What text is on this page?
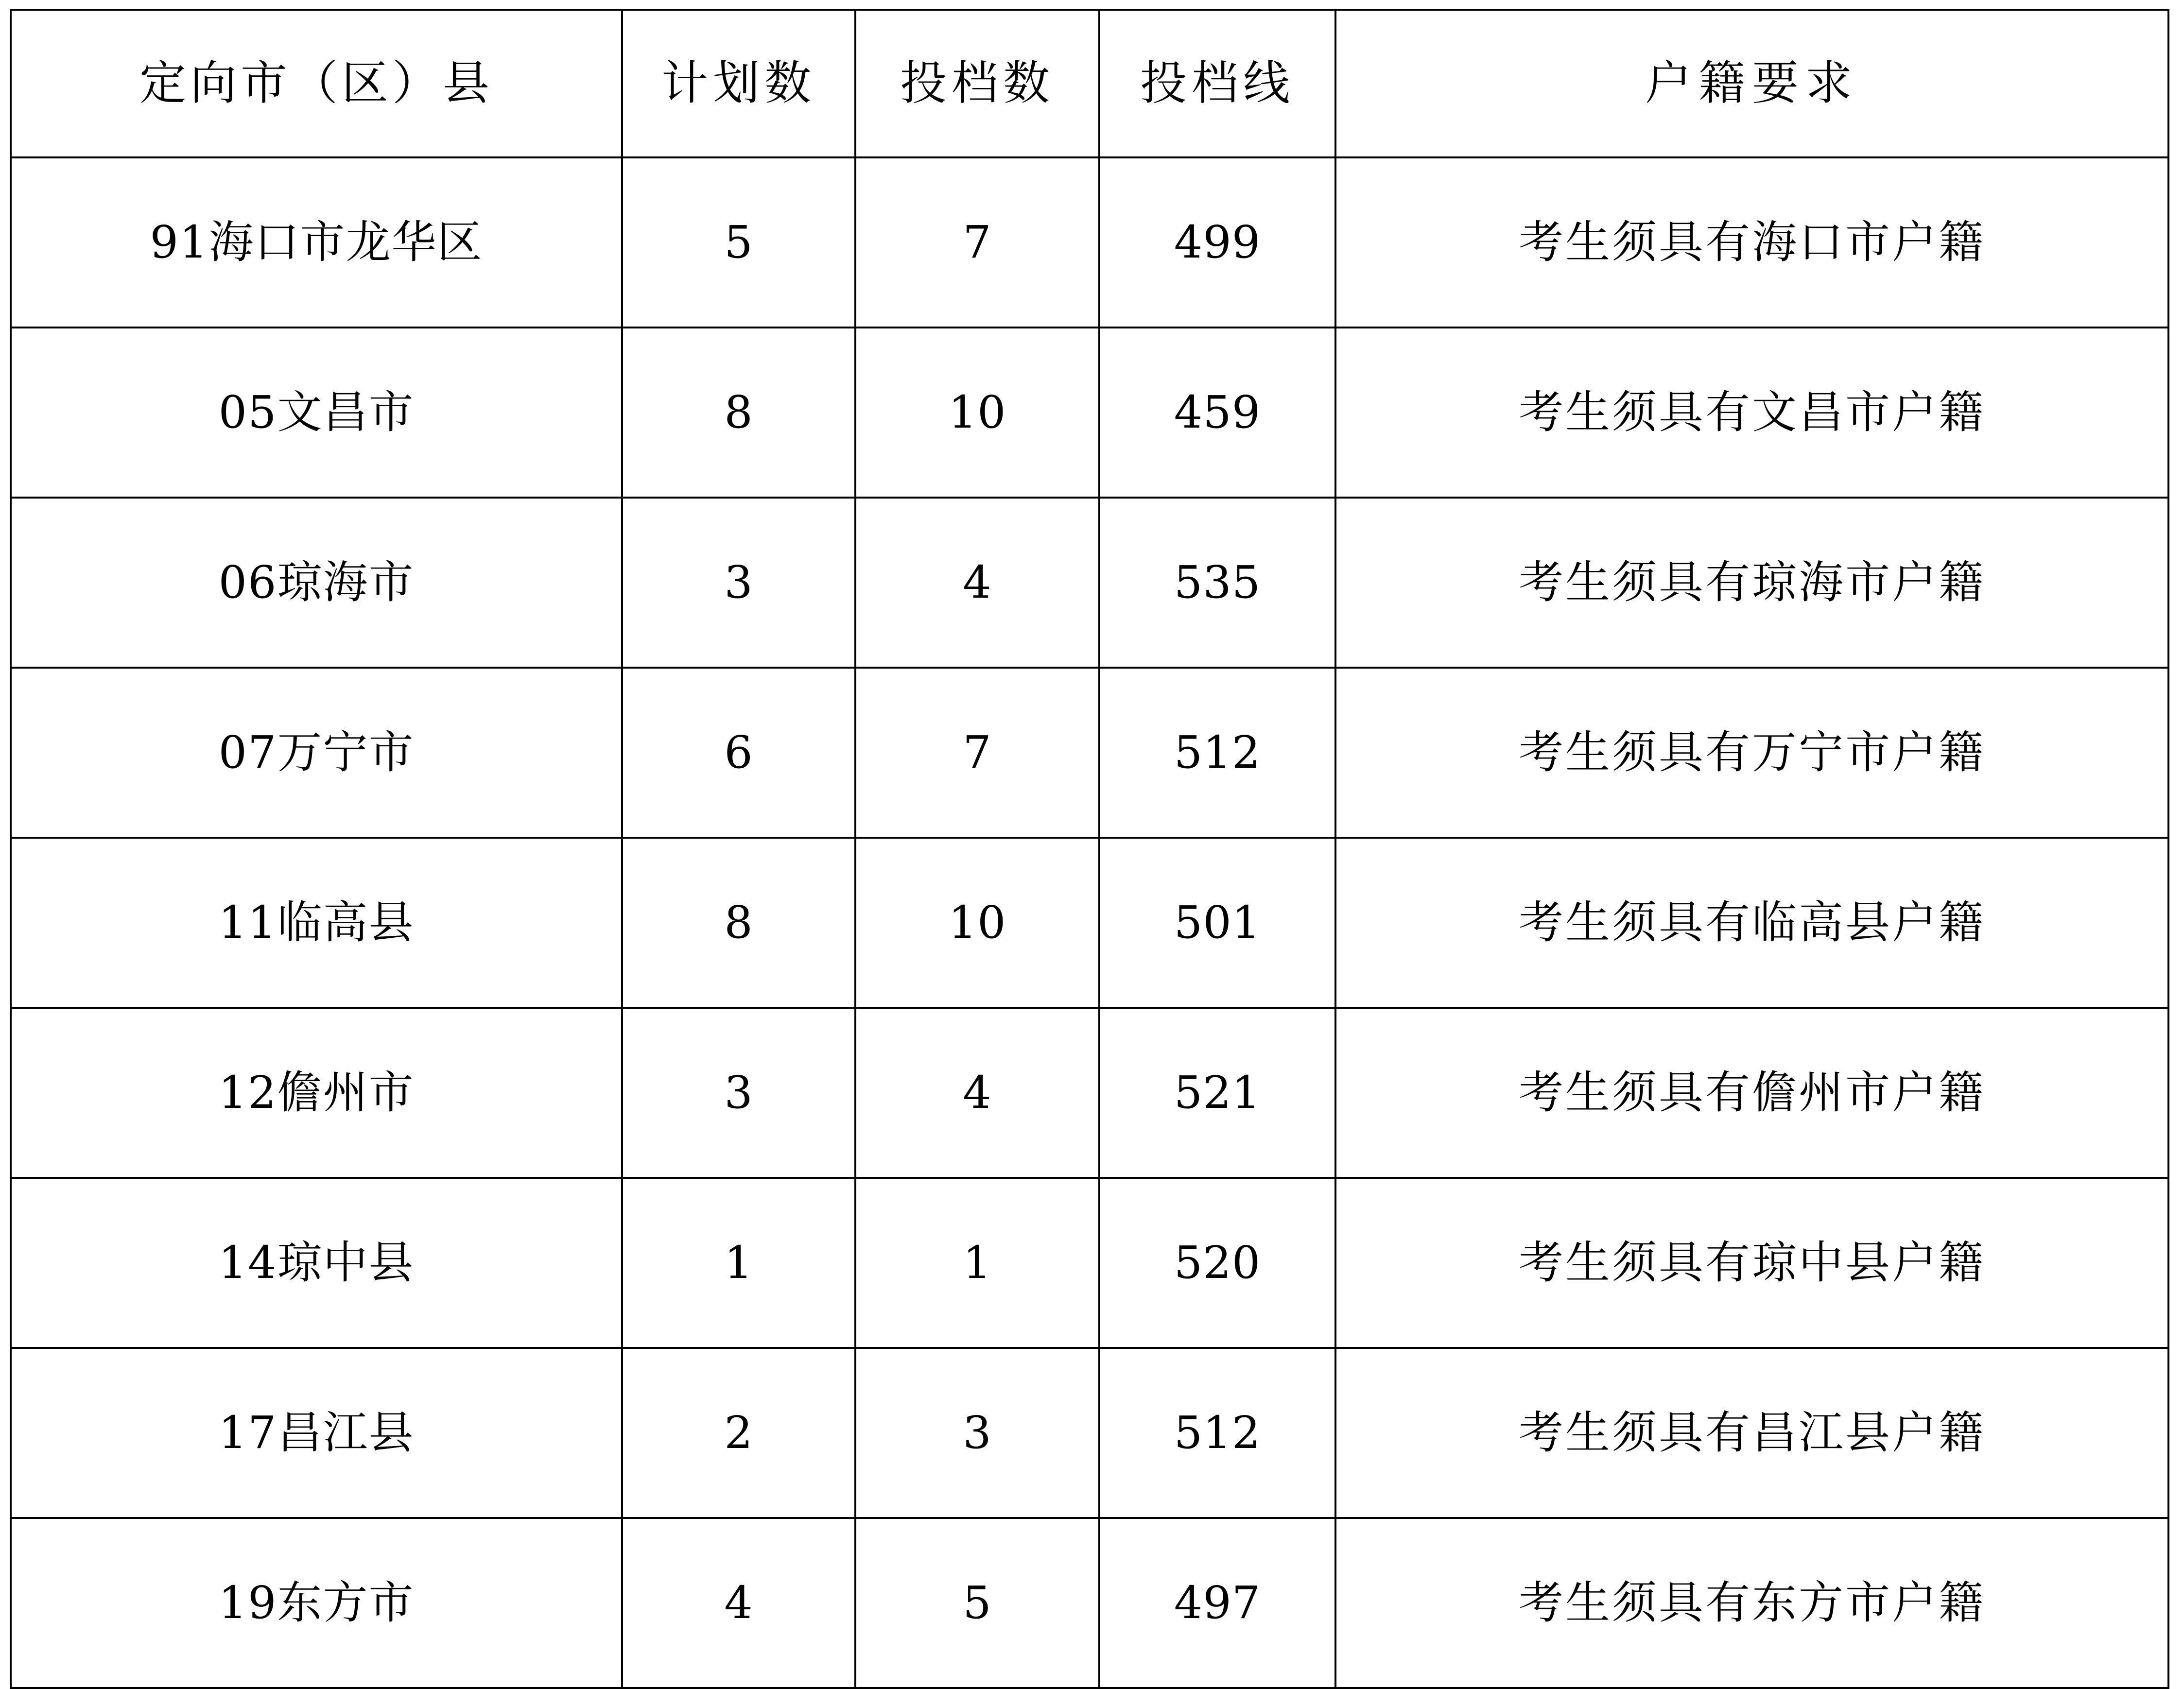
定向市（区）县	计划数	投档数	投档线	户籍要求
91海口市龙华区	5	7	499	考生须具有海口市户籍
05文昌市	8	10	459	考生须具有文昌市户籍
06琼海市	3	4	535	考生须具有琼海市户籍
07万宁市	6	7	512	考生须具有万宁市户籍
11临高县	8	10	501	考生须具有临高县户籍
12儋州市	3	4	521	考生须具有儋州市户籍
14琼中县	1	1	520	考生须具有琼中县户籍
17昌江县	2	3	512	考生须具有昌江县户籍
19东方市	4	5	497	考生须具有东方市户籍
